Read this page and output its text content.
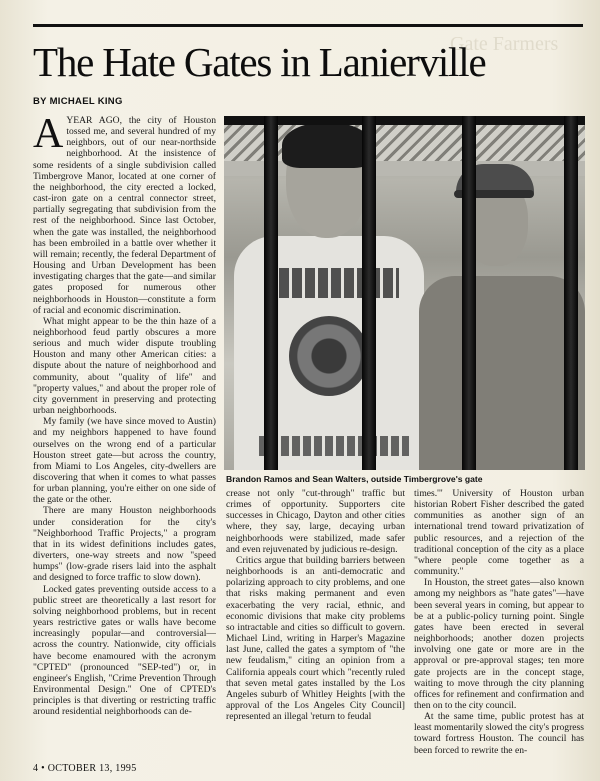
Gate Farmers
The Hate Gates in Lanierville
BY MICHAEL KING

AYEAR AGO, the city of Houston tossed me, and several hundred of my neighbors, out of our near-northside neighborhood. At the insistence of some residents of a single subdivision called Timbergrove Manor, located at one corner of the neighborhood, the city erected a locked, cast-iron gate on a central connector street, partially segregating that subdivision from the rest of the neighborhood. Since last October, when the gate was installed, the neighborhood has been embroiled in a battle over whether it will remain; recently, the federal Department of Housing and Urban Development has been investigating charges that the gate—and similar gates proposed for numerous other neighborhoods in Houston—constitute a form of racial and economic discrimination.

What might appear to be the thin haze of a neighborhood feud partly obscures a more serious and much wider dispute troubling Houston and many other American cities: a dispute about the nature of neighborhood and community, about "quality of life" and "property values," and about the proper role of city government in preserving and protecting urban neighborhoods.

My family (we have since moved to Austin) and my neighbors happened to have found ourselves on the wrong end of a particular Houston street gate—but across the country, from Miami to Los Angeles, city-dwellers are discovering that when it comes to what passes for urban planning, you're either on one side of the gate or the other.

There are many Houston neighborhoods under consideration for the city's "Neighborhood Traffic Projects," a program that in its widest definitions includes gates, diverters, one-way streets and now "speed humps" (low-grade risers laid into the asphalt and designed to force traffic to slow down).

Locked gates preventing outside access to a public street are theoretically a last resort for solving neighborhood problems, but in recent years restrictive gates or walls have become increasingly popular—and controversial—across the country. Nationwide, city officials have become enamoured with the acronym "CPTED" (pronounced "SEP-ted") or, in engineer's English, "Crime Prevention Through Environmental Design." One of CPTED's principles is that diverting or restricting traffic around residential neighborhoods can de-

Brandon Ramos and Sean Walters, outside Timbergrove's gate

crease not only "cut-through" traffic but crimes of opportunity. Supporters cite successes in Chicago, Dayton and other cities where, they say, large, decaying urban neighborhoods were stabilized, made safer and even rejuvenated by judicious re-design.

Critics argue that building barriers between neighborhoods is an anti-democratic and polarizing approach to city problems, and one that risks making permanent and even exacerbating the very racial, ethnic, and economic divisions that make city problems so intractable and cities so difficult to govern. Michael Lind, writing in Harper's Magazine last June, called the gates a symptom of "the new feudalism," citing an opinion from a California appeals court which "recently ruled that seven metal gates installed by the Los Angeles suburb of Whitley Heights [with the approval of the Los Angeles City Council] represented an illegal 'return to feudal

times.'" University of Houston urban historian Robert Fisher described the gated communities as another sign of an international trend toward privatization of public resources, and a rejection of the traditional conception of the city as a place "where people come together as a community."

In Houston, the street gates—also known among my neighbors as "hate gates"—have been several years in coming, but appear to be at a public-policy turning point. Single gates have been erected in several neighborhoods; another dozen projects involving one gate or more are in the approval or pre-approval stages; ten more gate projects are in the concept stage, waiting to move through the city planning offices for refinement and confirmation and then on to the city council.

At the same time, public protest has at least momentarily slowed the city's progress toward fortress Houston. The council has been forced to rewrite the en-

4 • OCTOBER 13, 1995
